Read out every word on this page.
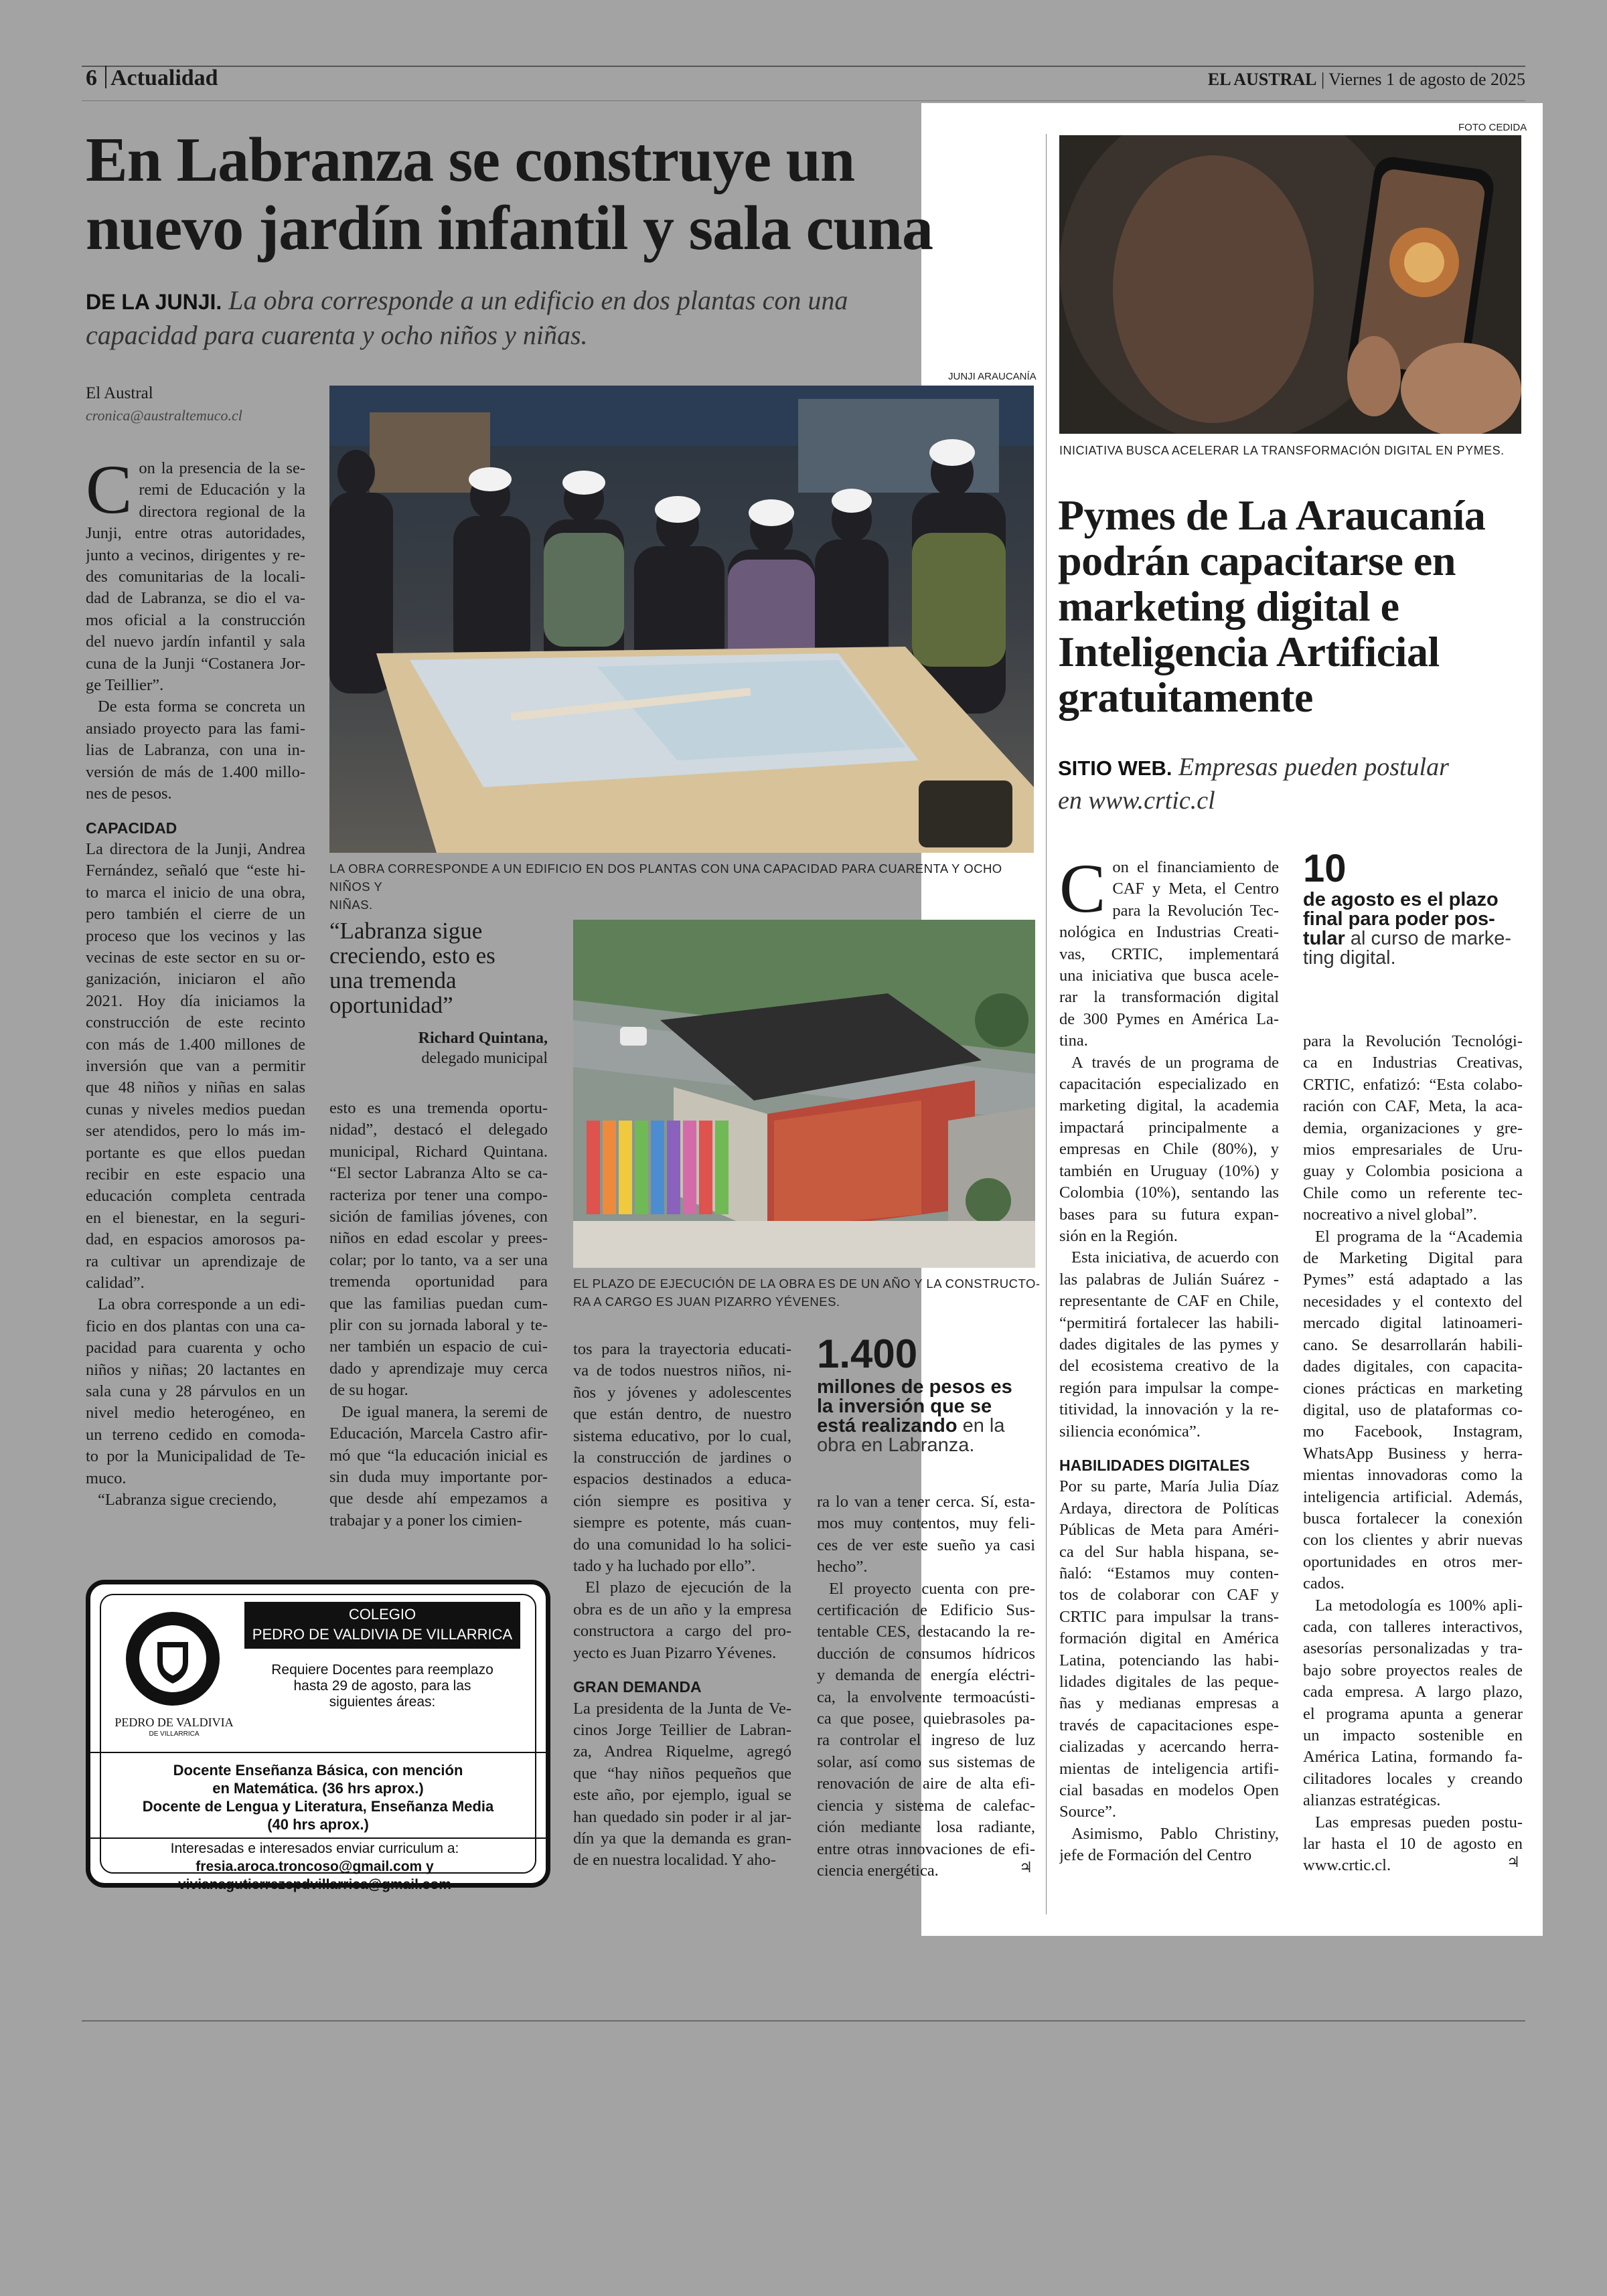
6 Actualidad	EL AUSTRAL | Viernes 1 de agosto de 2025
En Labranza se construye un
nuevo jardín infantil y sala cuna
DE LA JUNJI. La obra corresponde a un edificio en dos plantas con una
capacidad para cuarenta y ocho niños y niñas.
El Austral
cronica@australtemuco.cl
JUNJI ARAUCANÍA
LA OBRA CORRESPONDE A UN EDIFICIO EN DOS PLANTAS CON UNA CAPACIDAD PARA CUARENTA Y OCHO NIÑOS Y
NIÑAS.
EL PLAZO DE EJECUCIÓN DE LA OBRA ES DE UN AÑO Y LA CONSTRUCTO-
RA A CARGO ES JUAN PIZARRO YÉVENES.
“Labranza sigue
creciendo, esto es
una tremenda
oportunidad”
Richard Quintana,
delegado municipal
1.400
millones de pesos es
la inversión que se
está realizando en la
obra en Labranza.
C on la presencia de la se-
remi de Educación y la
directora regional de la
Junji, entre otras autoridades,
junto a vecinos, dirigentes y re-
des comunitarias de la locali-
dad de Labranza, se dio el va-
mos oficial a la construcción
del nuevo jardín infantil y sala
cuna de la Junji “Costanera Jor-
ge Teillier”.
De esta forma se concreta un
ansiado proyecto para las fami-
lias de Labranza, con una in-
versión de más de 1.400 millo-
nes de pesos.
CAPACIDAD
La directora de la Junji, Andrea
Fernández, señaló que “este hi-
to marca el inicio de una obra,
pero también el cierre de un
proceso que los vecinos y las
vecinas de este sector en su or-
ganización, iniciaron el año
2021. Hoy día iniciamos la
construcción de este recinto
con más de 1.400 millones de
inversión que van a permitir
que 48 niños y niñas en salas
cunas y niveles medios puedan
ser atendidos, pero lo más im-
portante es que ellos puedan
recibir en este espacio una
educación completa centrada
en el bienestar, en la seguri-
dad, en espacios amorosos pa-
ra cultivar un aprendizaje de
calidad”.
La obra corresponde a un edi-
ficio en dos plantas con una ca-
pacidad para cuarenta y ocho
niños y niñas; 20 lactantes en
sala cuna y 28 párvulos en un
nivel medio heterogéneo, en
un terreno cedido en comoda-
to por la Municipalidad de Te-
muco.
“Labranza sigue creciendo,
esto es una tremenda oportu-
nidad”, destacó el delegado
municipal, Richard Quintana.
“El sector Labranza Alto se ca-
racteriza por tener una compo-
sición de familias jóvenes, con
niños en edad escolar y prees-
colar; por lo tanto, va a ser una
tremenda oportunidad para
que las familias puedan cum-
plir con su jornada laboral y te-
ner también un espacio de cui-
dado y aprendizaje muy cerca
de su hogar.
De igual manera, la seremi de
Educación, Marcela Castro afir-
mó que “la educación inicial es
sin duda muy importante por-
que desde ahí empezamos a
trabajar y a poner los cimien-
tos para la trayectoria educati-
va de todos nuestros niños, ni-
ños y jóvenes y adolescentes
que están dentro, de nuestro
sistema educativo, por lo cual,
la construcción de jardines o
espacios destinados a educa-
ción siempre es positiva y
siempre es potente, más cuan-
do una comunidad lo ha solici-
tado y ha luchado por ello”.
El plazo de ejecución de la
obra es de un año y la empresa
constructora a cargo del pro-
yecto es Juan Pizarro Yévenes.
GRAN DEMANDA
La presidenta de la Junta de Ve-
cinos Jorge Teillier de Labran-
za, Andrea Riquelme, agregó
que “hay niños pequeños que
este año, por ejemplo, igual se
han quedado sin poder ir al jar-
dín ya que la demanda es gran-
de en nuestra localidad. Y aho-
ra lo van a tener cerca. Sí, esta-
mos muy contentos, muy feli-
ces de ver este sueño ya casi
hecho”.
El proyecto cuenta con pre-
certificación de Edificio Sus-
tentable CES, destacando la re-
ducción de consumos hídricos
y demanda de energía eléctri-
ca, la envolvente termoacústi-
ca que posee, quiebrasoles pa-
ra controlar el ingreso de luz
solar, así como sus sistemas de
renovación de aire de alta efi-
ciencia y sistema de calefac-
ción mediante losa radiante,
entre otras innovaciones de efi-
ciencia energética.	♃
PEDRO DE VALDIVIA
DE VILLARRICA
COLEGIO
PEDRO DE VALDIVIA DE VILLARRICA
Requiere Docentes para reemplazo
hasta 29 de agosto, para las
siguientes áreas:
Docente Enseñanza Básica, con mención
en Matemática. (36 hrs aprox.)
Docente de Lengua y Literatura, Enseñanza Media
(40 hrs aprox.)
Interesadas e interesados enviar curriculum a:
fresia.aroca.troncoso@gmail.com y
vivianagutierrezcpdvillarrica@gmail.com
FOTO CEDIDA
INICIATIVA BUSCA ACELERAR LA TRANSFORMACIÓN DIGITAL EN PYMES.
Pymes de La Araucanía
podrán capacitarse en
marketing digital e
Inteligencia Artificial
gratuitamente
SITIO WEB. Empresas pueden postular
en www.crtic.cl
10
de agosto es el plazo
final para poder pos-
tular al curso de marke-
ting digital.
C on el financiamiento de
CAF y Meta, el Centro
para la Revolución Tec-
nológica en Industrias Creati-
vas, CRTIC, implementará
una iniciativa que busca acele-
rar la transformación digital
de 300 Pymes en América La-
tina.
A través de un programa de
capacitación especializado en
marketing digital, la academia
impactará principalmente a
empresas en Chile (80%), y
también en Uruguay (10%) y
Colombia (10%), sentando las
bases para su futura expan-
sión en la Región.
Esta iniciativa, de acuerdo con
las palabras de Julián Suárez -
representante de CAF en Chile,
“permitirá fortalecer las habili-
dades digitales de las pymes y
del ecosistema creativo de la
región para impulsar la compe-
titividad, la innovación y la re-
siliencia económica”.
HABILIDADES DIGITALES
Por su parte, María Julia Díaz
Ardaya, directora de Políticas
Públicas de Meta para Améri-
ca del Sur habla hispana, se-
ñaló: “Estamos muy conten-
tos de colaborar con CAF y
CRTIC para impulsar la trans-
formación digital en América
Latina, potenciando las habi-
lidades digitales de las peque-
ñas y medianas empresas a
través de capacitaciones espe-
cializadas y acercando herra-
mientas de inteligencia artifi-
cial basadas en modelos Open
Source”.
Asimismo, Pablo Christiny,
jefe de Formación del Centro
para la Revolución Tecnológi-
ca en Industrias Creativas,
CRTIC, enfatizó: “Esta colabo-
ración con CAF, Meta, la aca-
demia, organizaciones y gre-
mios empresariales de Uru-
guay y Colombia posiciona a
Chile como un referente tec-
nocreativo a nivel global”.
El programa de la “Academia
de Marketing Digital para
Pymes” está adaptado a las
necesidades y el contexto del
mercado digital latinoameri-
cano. Se desarrollarán habili-
dades digitales, con capacita-
ciones prácticas en marketing
digital, uso de plataformas co-
mo Facebook, Instagram,
WhatsApp Business y herra-
mientas innovadoras como la
inteligencia artificial. Además,
busca fortalecer la conexión
con los clientes y abrir nuevas
oportunidades en otros mer-
cados.
La metodología es 100% apli-
cada, con talleres interactivos,
asesorías personalizadas y tra-
bajo sobre proyectos reales de
cada empresa. A largo plazo,
el programa apunta a generar
un impacto sostenible en
América Latina, formando fa-
cilitadores locales y creando
alianzas estratégicas.
Las empresas pueden postu-
lar hasta el 10 de agosto en
www.crtic.cl.	♃
